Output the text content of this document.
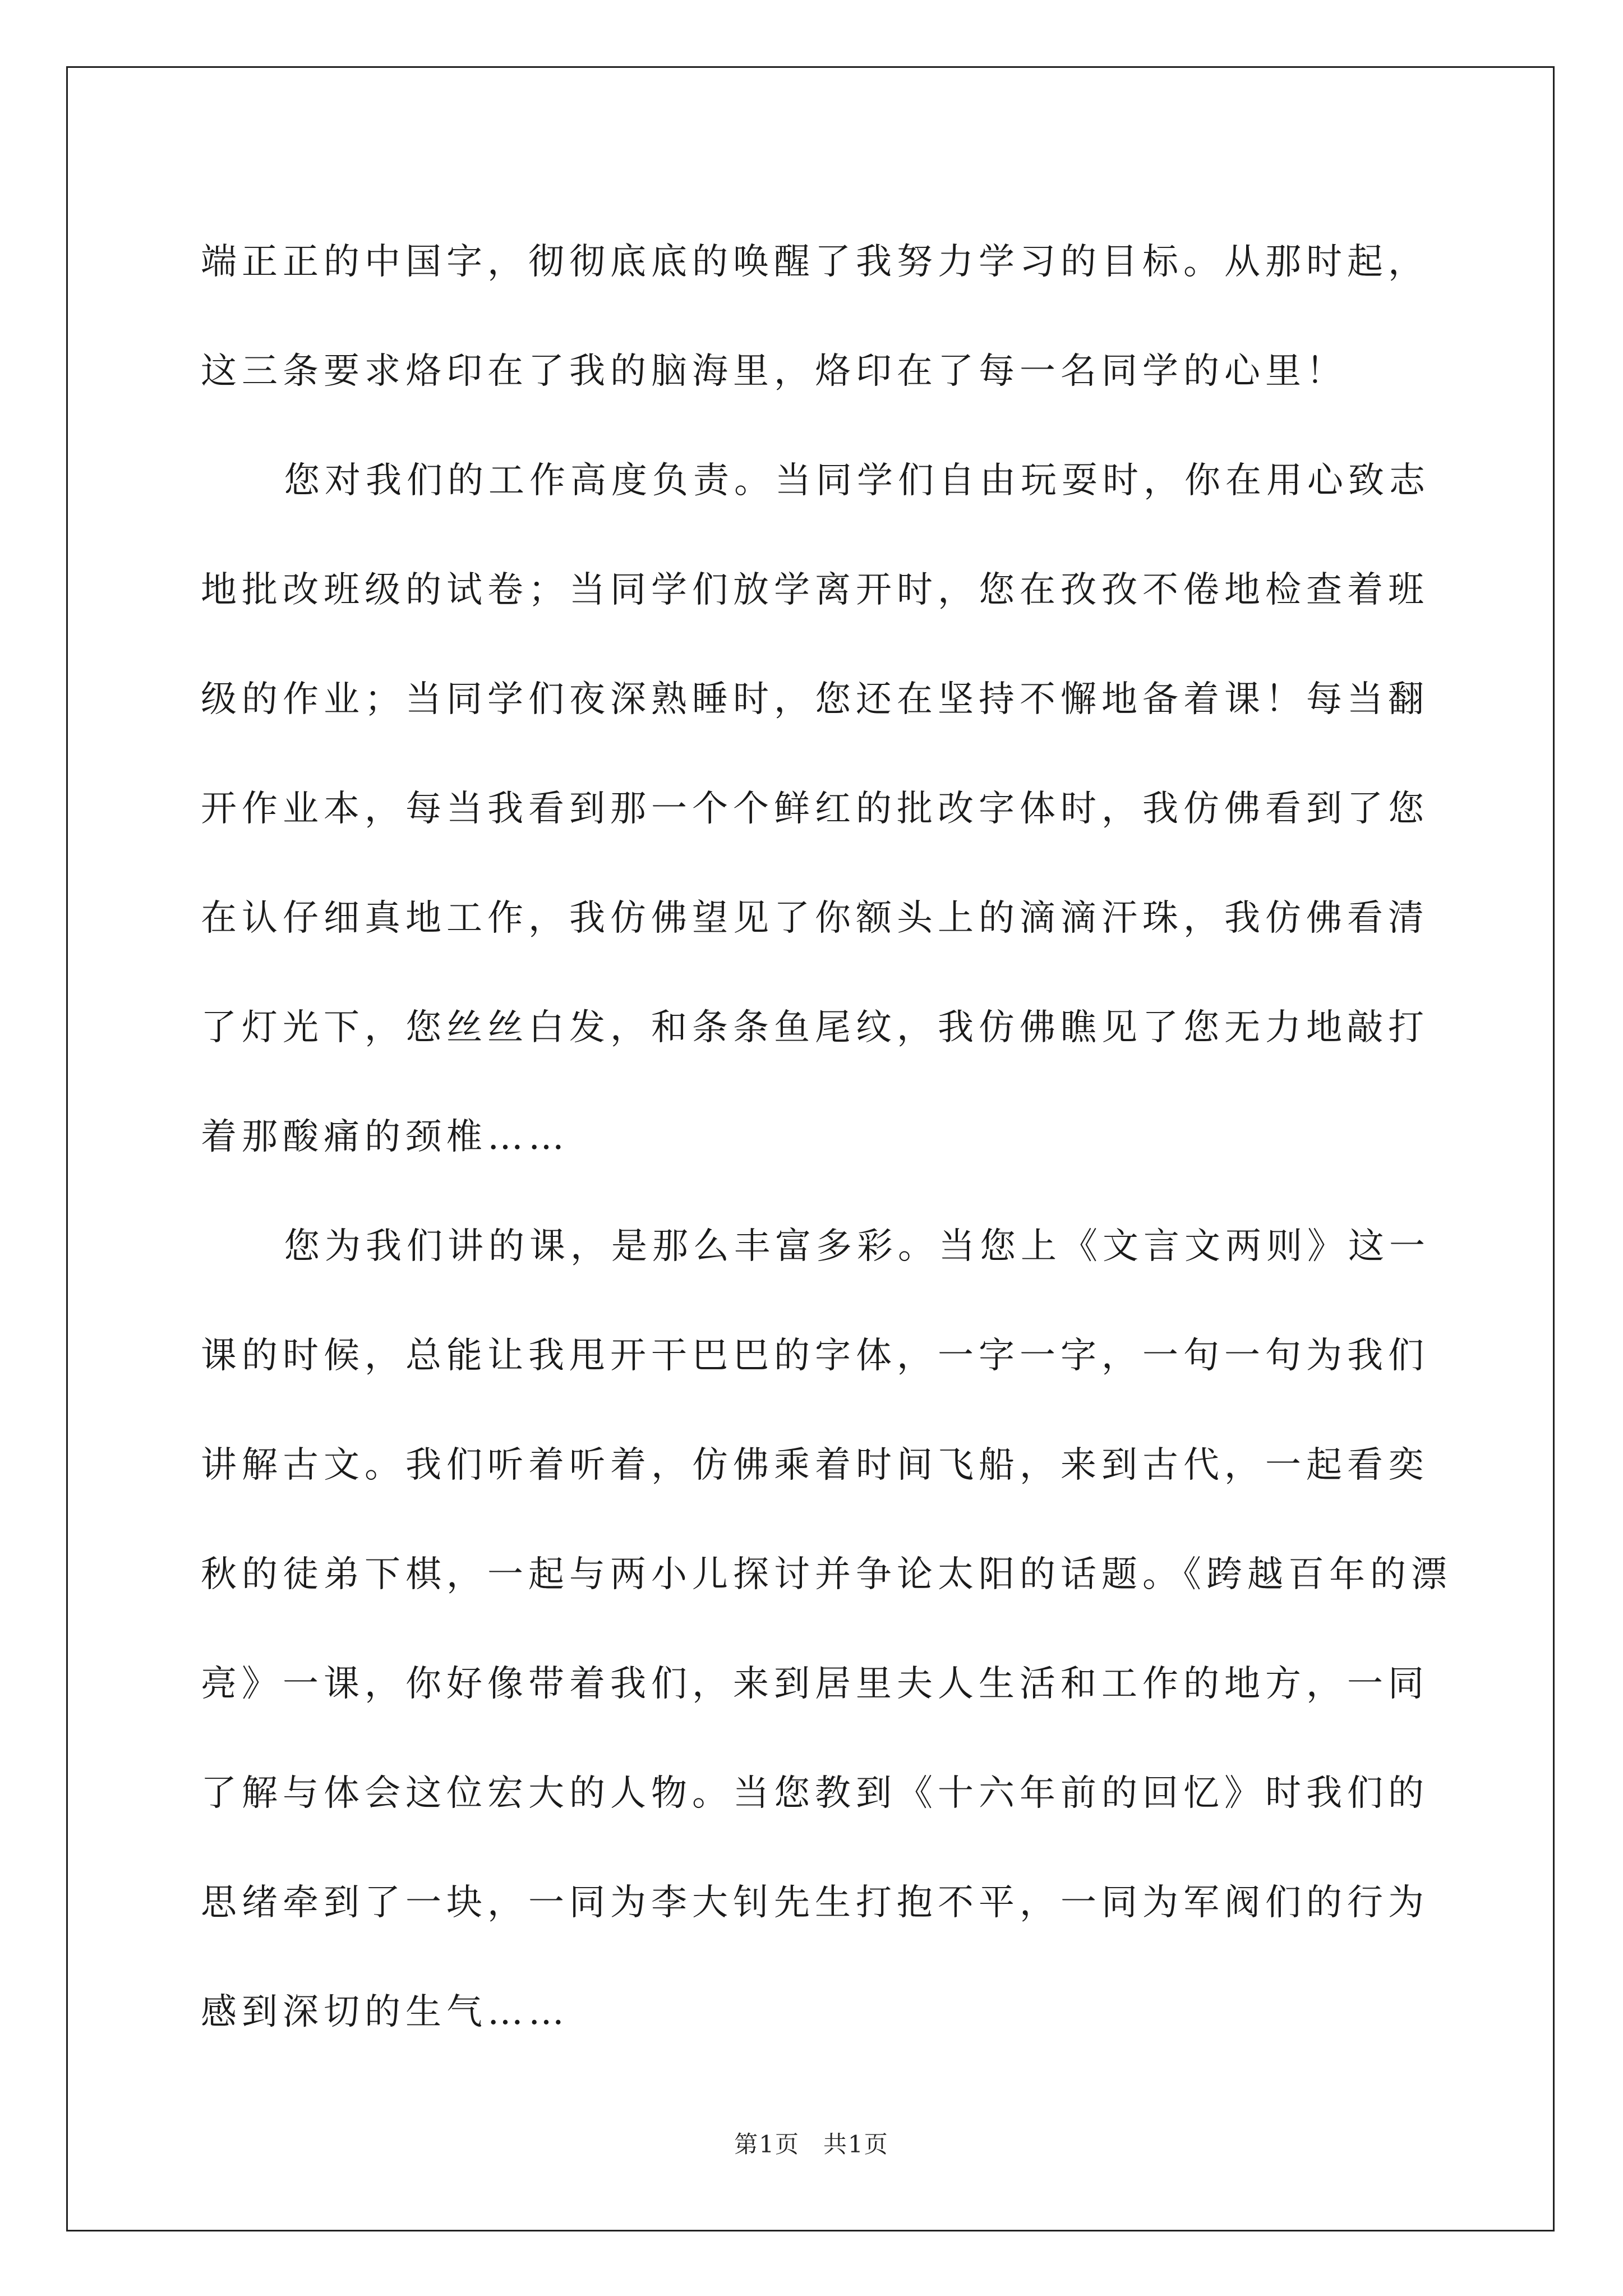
端正正的中国字，彻彻底底的唤醒了我努力学习的目标。从那时起，
这三条要求烙印在了我的脑海里，烙印在了每一名同学的心里！
您对我们的工作高度负责。当同学们自由玩耍时，你在用心致志
地批改班级的试卷；当同学们放学离开时，您在孜孜不倦地检查着班
级的作业；当同学们夜深熟睡时，您还在坚持不懈地备着课！每当翻
开作业本，每当我看到那一个个鲜红的批改字体时，我仿佛看到了您
在认仔细真地工作，我仿佛望见了你额头上的滴滴汗珠，我仿佛看清
了灯光下，您丝丝白发，和条条鱼尾纹，我仿佛瞧见了您无力地敲打
着那酸痛的颈椎……
您为我们讲的课，是那么丰富多彩。当您上《文言文两则》这一
课的时候，总能让我甩开干巴巴的字体，一字一字，一句一句为我们
讲解古文。我们听着听着，仿佛乘着时间飞船，来到古代，一起看奕
秋的徒弟下棋，一起与两小儿探讨并争论太阳的话题。《跨越百年的漂
亮》一课，你好像带着我们，来到居里夫人生活和工作的地方，一同
了解与体会这位宏大的人物。当您教到《十六年前的回忆》时我们的
思绪牵到了一块，一同为李大钊先生打抱不平，一同为军阀们的行为
感到深切的生气……
第1页 共1页
